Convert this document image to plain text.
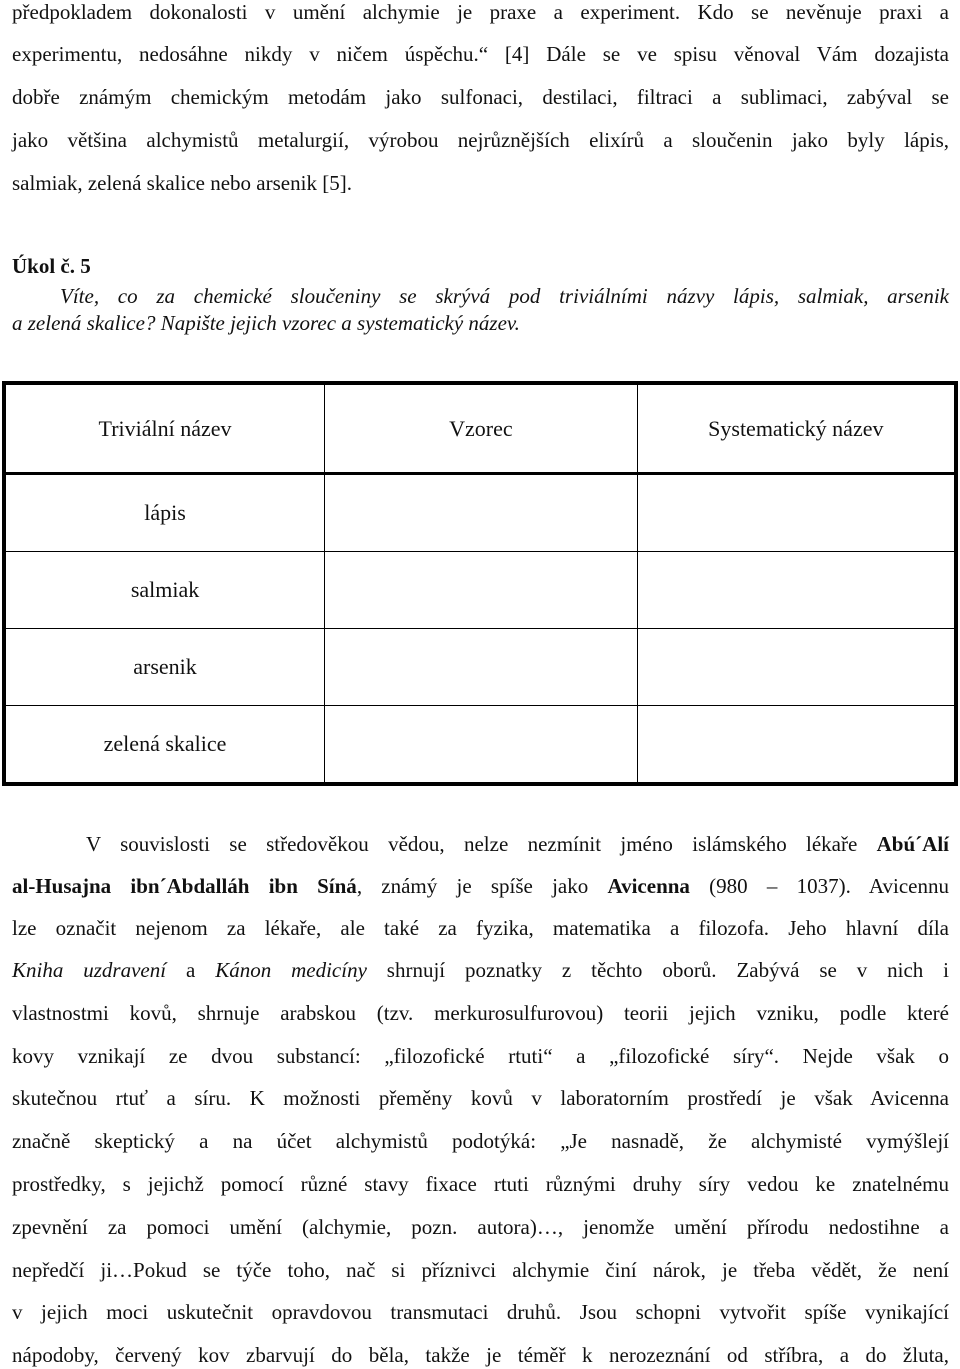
předpokladem dokonalosti v umění alchymie je praxe a experiment. Kdo se nevěnuje praxi a
experimentu, nedosáhne nikdy v ničem úspěchu.“ [4] Dále se ve spisu věnoval Vám dozajista
dobře známým chemickým metodám jako sulfonaci, destilaci, filtraci a sublimaci, zabýval se
jako většina alchymistů metalurgií, výrobou nejrůznějších elixírů a sloučenin jako byly lápis,
salmiak, zelená skalice nebo arsenik [5].
Úkol č. 5
Víte, co za chemické sloučeniny se skrývá pod triviálními názvy lápis, salmiak, arsenik
a zelená skalice? Napište jejich vzorec a systematický název.
Triviální název	Vzorec	Systematický název
lápis		
salmiak		
arsenik		
zelená skalice		
V souvislosti se středověkou vědou, nelze nezmínit jméno islámského lékaře Abú´Alí
al-Husajna ibn´Abdalláh ibn Síná, známý je spíše jako Avicenna (980 – 1037). Avicennu
lze označit nejenom za lékaře, ale také za fyzika, matematika a filozofa. Jeho hlavní díla
Kniha uzdravení a Kánon medicíny shrnují poznatky z těchto oborů. Zabývá se v nich i
vlastnostmi kovů, shrnuje arabskou (tzv. merkurosulfurovou) teorii jejich vzniku, podle které
kovy vznikají ze dvou substancí: „filozofické rtuti“ a „filozofické síry“. Nejde však o
skutečnou rtuť a síru. K možnosti přeměny kovů v laboratorním prostředí je však Avicenna
značně skeptický a na účet alchymistů podotýká: „Je nasnadě, že alchymisté vymýšlejí
prostředky, s jejichž pomocí různé stavy fixace rtuti různými druhy síry vedou ke znatelnému
zpevnění za pomoci umění (alchymie, pozn. autora)…, jenomže umění přírodu nedostihne a
nepředčí ji…Pokud se týče toho, nač si příznivci alchymie činí nárok, je třeba vědět, že není
v jejich moci uskutečnit opravdovou transmutaci druhů. Jsou schopni vytvořit spíše vynikající
nápodoby, červený kov zbarvují do běla, takže je téměř k nerozeznání od stříbra, a do žluta,
